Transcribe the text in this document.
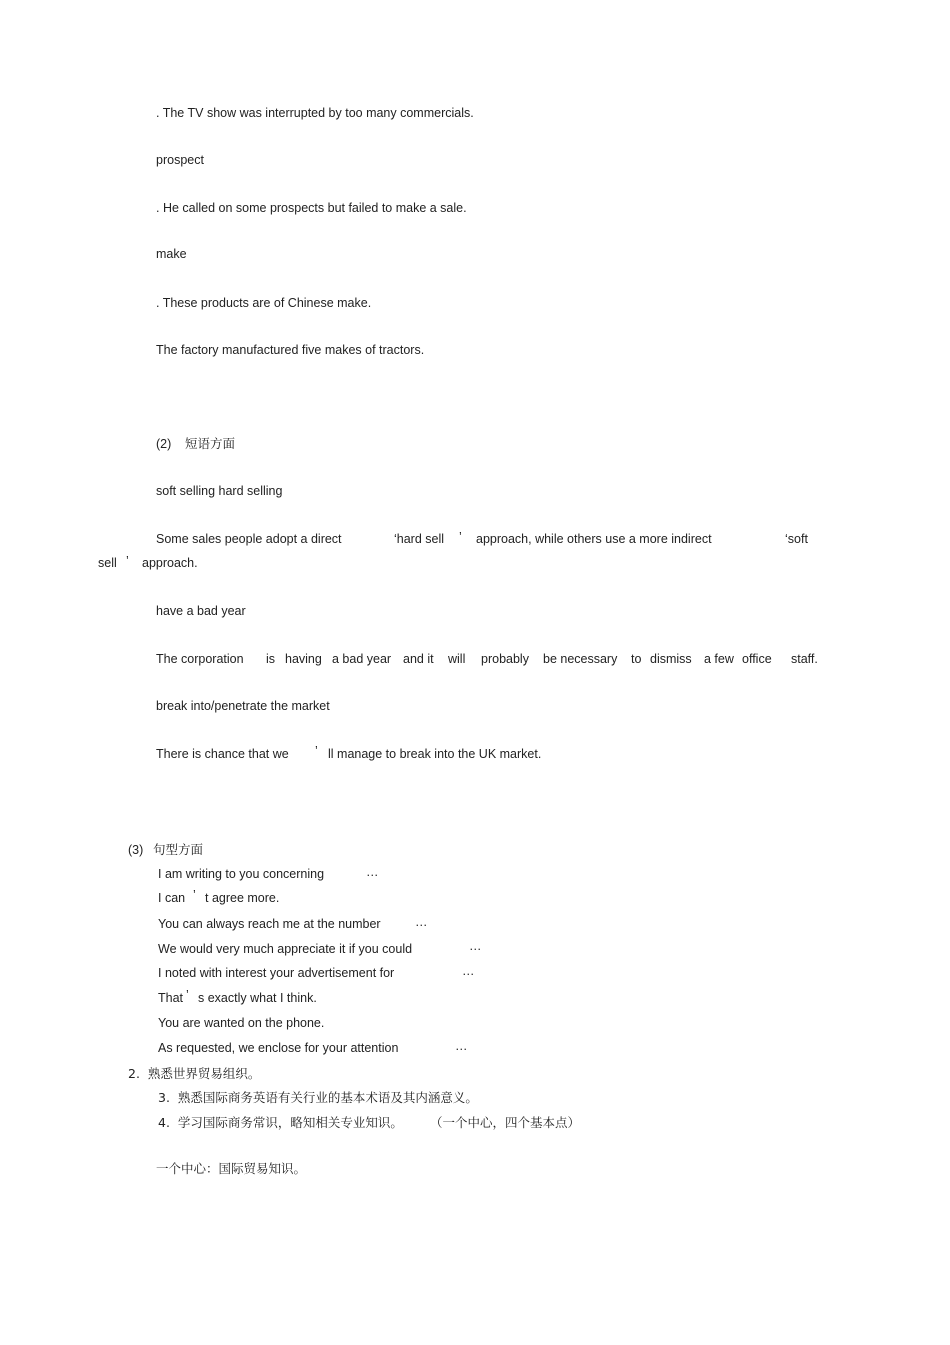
. The TV show was interrupted by too many commercials.
prospect
. He called on some prospects but failed to make a sale.
make
. These products are of Chinese make.
The factory manufactured five makes of tractors.
(2) 短语方面
soft selling hard selling
Some sales people adopt a direct	‘hard sell ’ approach, while others use a more indirect	‘soft
sell ’ approach.
have a bad year
The corporation is having a bad year and it will probably be necessary to dismiss a few office staff.
break into/penetrate the market
There is chance that we ’ ll manage to break into the UK market.
(3) 句型方面
I am writing to you concerning	…
I can ’ t agree more.
You can always reach me at the number	…
We would very much appreciate it if you could	…
I noted with interest your advertisement for	…
That ’ s exactly what I think.
You are wanted on the phone.
As requested, we enclose for your attention	…
2.  熟悉世界贸易组织。
3.  熟悉国际商务英语有关行业的基本术语及其内涵意义。
4.  学习国际商务常识，略知相关专业知识。 （一个中心，四个基本点）
一个中心：国际贸易知识。
